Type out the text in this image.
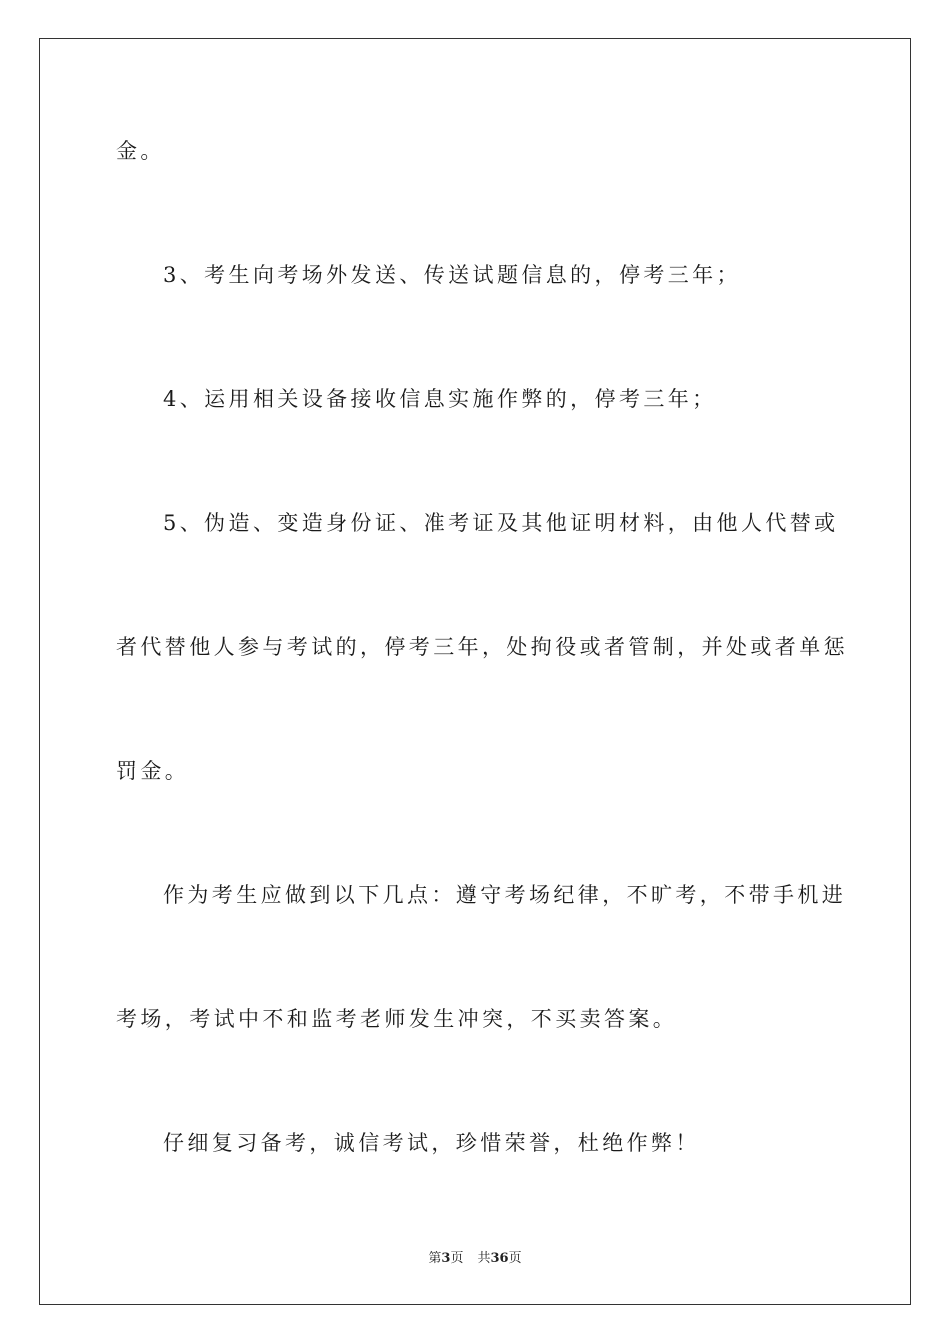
金。
3、考生向考场外发送、传送试题信息的，停考三年；
4、运用相关设备接收信息实施作弊的，停考三年；
5、伪造、变造身份证、准考证及其他证明材料，由他人代替或
者代替他人参与考试的，停考三年，处拘役或者管制，并处或者单惩
罚金。
作为考生应做到以下几点：遵守考场纪律，不旷考，不带手机进
考场，考试中不和监考老师发生冲突，不买卖答案。
仔细复习备考，诚信考试，珍惜荣誉，杜绝作弊！
第3页 共36页
